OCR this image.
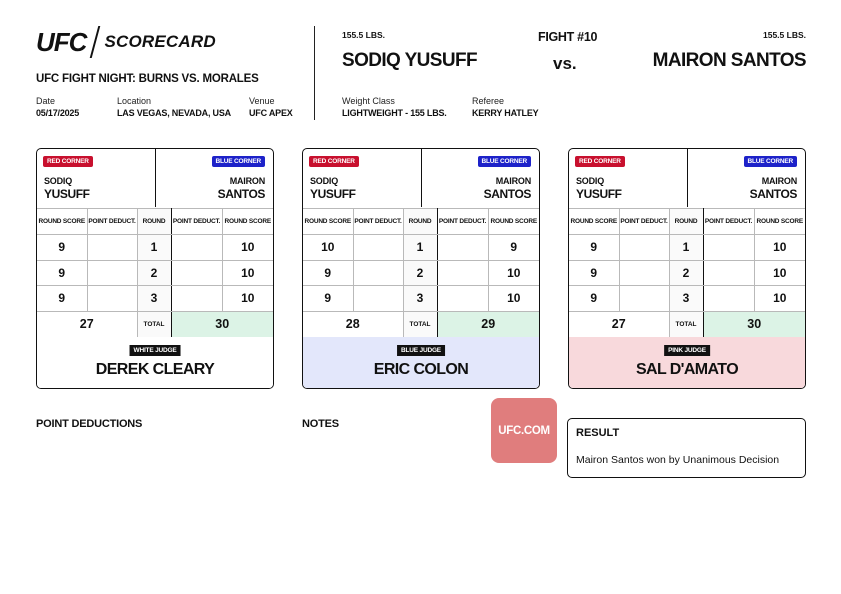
UFC SCORECARD
UFC FIGHT NIGHT: BURNS VS. MORALES
Date
05/17/2025
Location
LAS VEGAS, NEVADA, USA
Venue
UFC APEX
155.5 LBS.
SODIQ YUSUFF
FIGHT #10
vs.
155.5 LBS.
MAIRON SANTOS
Weight Class
LIGHTWEIGHT - 155 LBS.
Referee
KERRY HATLEY
RED CORNER
SODIQ
YUSUFF
BLUE CORNER
MAIRON
SANTOS
ROUND SCORE	POINT DEDUCT.	ROUND	POINT DEDUCT.	ROUND SCORE
9		1		10
9		2		10
9		3		10
27		TOTAL	30	
WHITE JUDGE
DEREK CLEARY
RED CORNER
SODIQ
YUSUFF
BLUE CORNER
MAIRON
SANTOS
ROUND SCORE	POINT DEDUCT.	ROUND	POINT DEDUCT.	ROUND SCORE
10		1		9
9		2		10
9		3		10
28		TOTAL	29	
BLUE JUDGE
ERIC COLON
RED CORNER
SODIQ
YUSUFF
BLUE CORNER
MAIRON
SANTOS
ROUND SCORE	POINT DEDUCT.	ROUND	POINT DEDUCT.	ROUND SCORE
9		1		10
9		2		10
9		3		10
27		TOTAL	30	
PINK JUDGE
SAL D'AMATO
POINT DEDUCTIONS	NOTES
UFC.COM	RESULT
Mairon Santos won by Unanimous Decision
